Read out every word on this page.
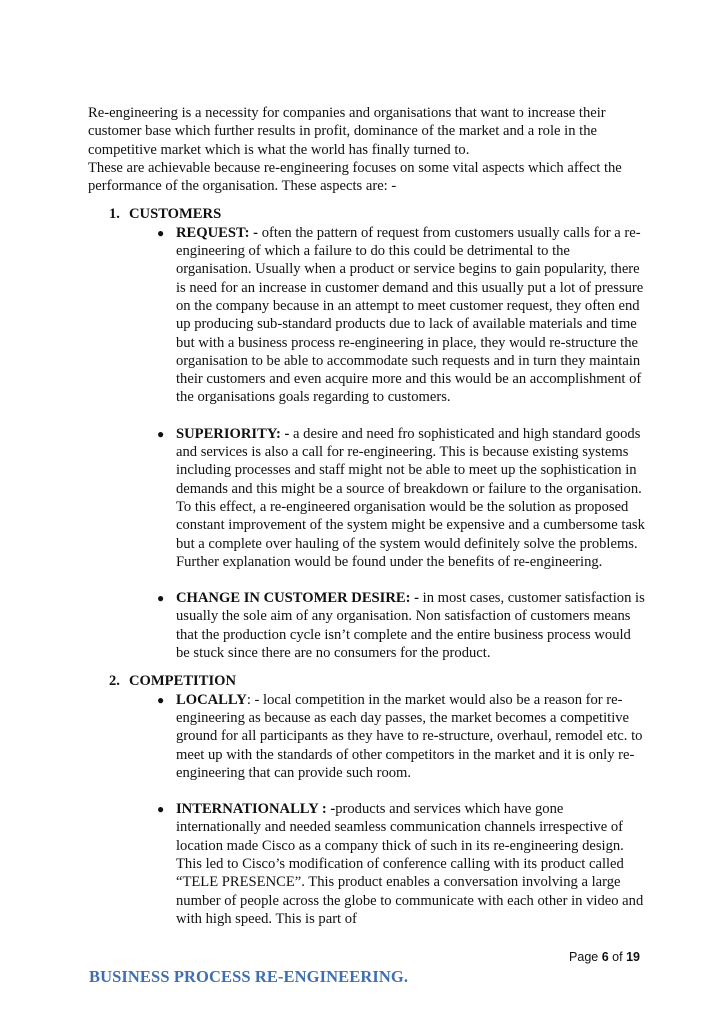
Re-engineering is a necessity for companies and organisations that want to increase their customer base which further results in profit, dominance of the market and a role in the competitive market which is what the world has finally turned to.

These are achievable because re-engineering focuses on some vital aspects which affect the performance of the organisation. These aspects are: -

1. CUSTOMERS
● REQUEST: - often the pattern of request from customers usually calls for a re-engineering of which a failure to do this could be detrimental to the organisation. Usually when a product or service begins to gain popularity, there is need for an increase in customer demand and this usually put a lot of pressure on the company because in an attempt to meet customer request, they often end up producing sub-standard products due to lack of available materials and time but with a business process re-engineering in place, they would re-structure the organisation to be able to accommodate such requests and in turn they maintain their customers and even acquire more and this would be an accomplishment of the organisations goals regarding to customers.
● SUPERIORITY: - a desire and need fro sophisticated and high standard goods and services is also a call for re-engineering. This is because existing systems including processes and staff might not be able to meet up the sophistication in demands and this might be a source of breakdown or failure to the organisation. To this effect, a re-engineered organisation would be the solution as proposed constant improvement of the system might be expensive and a cumbersome task but a complete over hauling of the system would definitely solve the problems.
Further explanation would be found under the benefits of re-engineering.
● CHANGE IN CUSTOMER DESIRE: - in most cases, customer satisfaction is usually the sole aim of any organisation. Non satisfaction of customers means that the production cycle isn’t complete and the entire business process would be stuck since there are no consumers for the product.
2. COMPETITION
● LOCALLY: - local competition in the market would also be a reason for re-engineering as because as each day passes, the market becomes a competitive ground for all participants as they have to re-structure, overhaul, remodel etc. to meet up with the standards of other competitors in the market and it is only re-engineering that can provide such room.
● INTERNATIONALLY : -products and services which have gone internationally and needed seamless communication channels irrespective of location made Cisco as a company thick of such in its re-engineering design. This led to Cisco’s modification of conference calling with its product called “TELE PRESENCE”. This product enables a conversation involving a large number of people across the globe to communicate with each other in video and with high speed. This is part of
Page 6 of 19
BUSINESS PROCESS RE-ENGINEERING.
